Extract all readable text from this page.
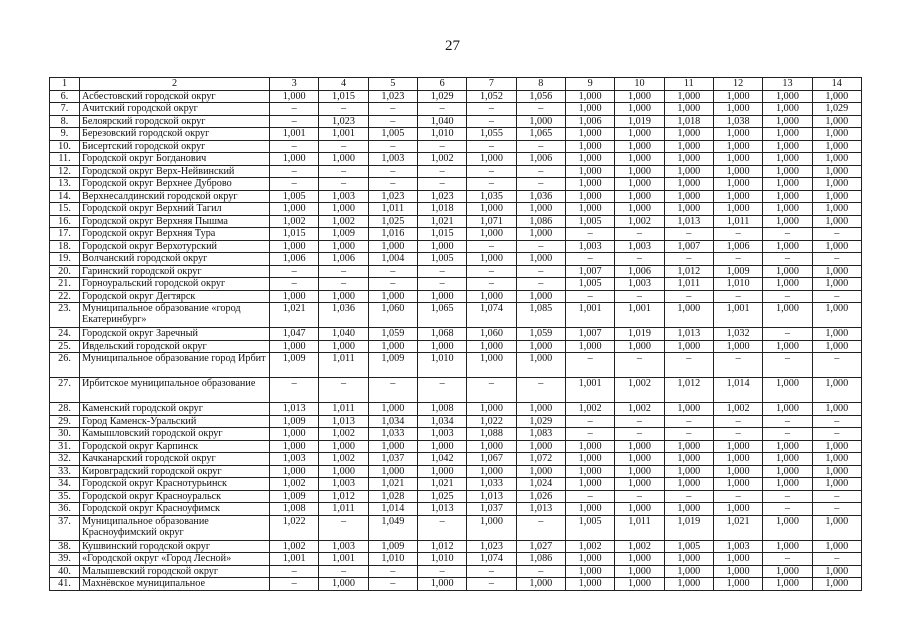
27
1	2	3	4	5	6	7	8	9	10	11	12	13	14
6.	Асбестовский городской округ	1,000	1,015	1,023	1,029	1,052	1,056	1,000	1,000	1,000	1,000	1,000	1,000
7.	Ачитский городской округ	–	–	–	–	–	–	1,000	1,000	1,000	1,000	1,000	1,029
8.	Белоярский городской округ	–	1,023	–	1,040	–	1,000	1,006	1,019	1,018	1,038	1,000	1,000
9.	Березовский городской округ	1,001	1,001	1,005	1,010	1,055	1,065	1,000	1,000	1,000	1,000	1,000	1,000
10.	Бисертский городской округ	–	–	–	–	–	–	1,000	1,000	1,000	1,000	1,000	1,000
11.	Городской округ Богданович	1,000	1,000	1,003	1,002	1,000	1,006	1,000	1,000	1,000	1,000	1,000	1,000
12.	Городской округ Верх-Нейвинский	–	–	–	–	–	–	1,000	1,000	1,000	1,000	1,000	1,000
13.	Городской округ Верхнее Дуброво	–	–	–	–	–	–	1,000	1,000	1,000	1,000	1,000	1,000
14.	Верхнесалдинский городской округ	1,005	1,003	1,023	1,023	1,035	1,036	1,000	1,000	1,000	1,000	1,000	1,000
15.	Городской округ Верхний Тагил	1,000	1,000	1,011	1,018	1,000	1,000	1,000	1,000	1,000	1,000	1,000	1,000
16.	Городской округ Верхняя Пышма	1,002	1,002	1,025	1,021	1,071	1,086	1,005	1,002	1,013	1,011	1,000	1,000
17.	Городской округ Верхняя Тура	1,015	1,009	1,016	1,015	1,000	1,000	–	–	–	–	–	–
18.	Городской округ Верхотурский	1,000	1,000	1,000	1,000	–	–	1,003	1,003	1,007	1,006	1,000	1,000
19.	Волчанский городской округ	1,006	1,006	1,004	1,005	1,000	1,000	–	–	–	–	–	–
20.	Гаринский городской округ	–	–	–	–	–	–	1,007	1,006	1,012	1,009	1,000	1,000
21.	Горноуральский городской округ	–	–	–	–	–	–	1,005	1,003	1,011	1,010	1,000	1,000
22.	Городской округ Дегтярск	1,000	1,000	1,000	1,000	1,000	1,000	–	–	–	–	–	–
23.	Муниципальное образование «город Екатеринбург»	1,021	1,036	1,060	1,065	1,074	1,085	1,001	1,001	1,000	1,001	1,000	1,000
24.	Городской округ Заречный	1,047	1,040	1,059	1,068	1,060	1,059	1,007	1,019	1,013	1,032	–	1,000
25.	Ивдельский городской округ	1,000	1,000	1,000	1,000	1,000	1,000	1,000	1,000	1,000	1,000	1,000	1,000
26.	Муниципальное образование город Ирбит	1,009	1,011	1,009	1,010	1,000	1,000	–	–	–	–	–	–
27.	Ирбитское муниципальное образование	–	–	–	–	–	–	1,001	1,002	1,012	1,014	1,000	1,000
28.	Каменский городской округ	1,013	1,011	1,000	1,008	1,000	1,000	1,002	1,002	1,000	1,002	1,000	1,000
29.	Город Каменск-Уральский	1,009	1,013	1,034	1,034	1,022	1,029	–	–	–	–	–	–
30.	Камышловский городской округ	1,000	1,002	1,033	1,003	1,088	1,083	–	–	–	–	–	–
31.	Городской округ Карпинск	1,000	1,000	1,000	1,000	1,000	1,000	1,000	1,000	1,000	1,000	1,000	1,000
32.	Качканарский городской округ	1,003	1,002	1,037	1,042	1,067	1,072	1,000	1,000	1,000	1,000	1,000	1,000
33.	Кировградский городской округ	1,000	1,000	1,000	1,000	1,000	1,000	1,000	1,000	1,000	1,000	1,000	1,000
34.	Городской округ Краснотурьинск	1,002	1,003	1,021	1,021	1,033	1,024	1,000	1,000	1,000	1,000	1,000	1,000
35.	Городской округ Красноуральск	1,009	1,012	1,028	1,025	1,013	1,026	–	–	–	–	–	–
36.	Городской округ Красноуфимск	1,008	1,011	1,014	1,013	1,037	1,013	1,000	1,000	1,000	1,000	–	–
37.	Муниципальное образование Красноуфимский округ	1,022	–	1,049	–	1,000	–	1,005	1,011	1,019	1,021	1,000	1,000
38.	Кушвинский городской округ	1,002	1,003	1,009	1,012	1,023	1,027	1,002	1,002	1,005	1,003	1,000	1,000
39.	«Городской округ «Город Лесной»	1,001	1,001	1,010	1,010	1,074	1,086	1,000	1,000	1,000	1,000	–	–
40.	Малышевский городской округ	–	–	–	–	–	–	1,000	1,000	1,000	1,000	1,000	1,000
41.	Махнёвское муниципальное	–	1,000	–	1,000	–	1,000	1,000	1,000	1,000	1,000	1,000	1,000
